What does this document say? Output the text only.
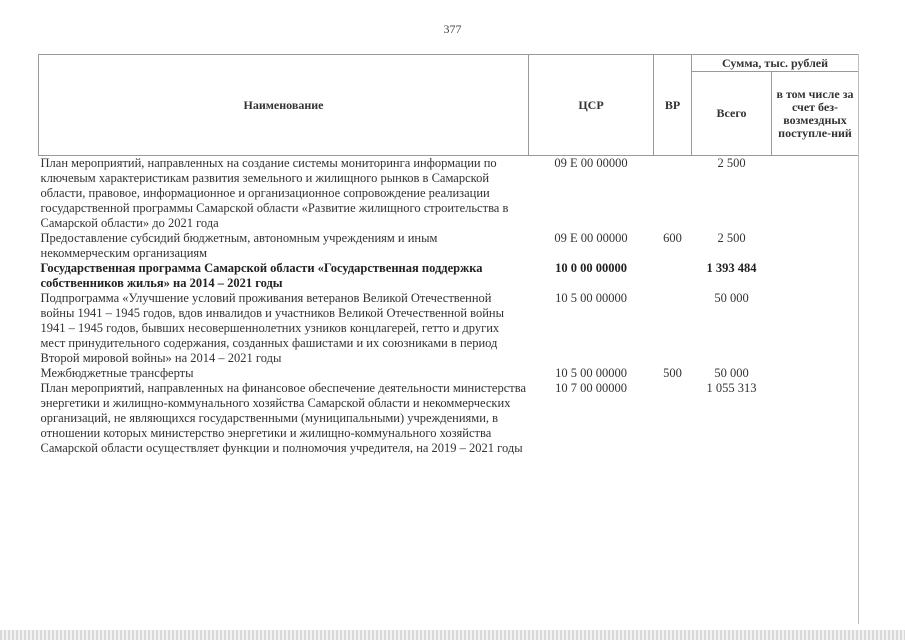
377
Наименование	ЦСР	ВР	Сумма, тыс. рублей	
			Всего	в том числе за счет без-возмездных поступле-ний
План мероприятий, направленных на создание системы мониторинга информации по ключевым характеристикам развития земельного и жилищного рынков в Самарской области, правовое, информационное и организационное сопровождение реализации государственной программы Самарской области «Развитие жилищного строительства в Самарской области» до 2021 года	09 Е 00 00000		2 500	
Предоставление субсидий бюджетным, автономным учреждениям и иным некоммерческим организациям	09 Е 00 00000	600	2 500	
Государственная программа Самарской области «Государственная поддержка собственников жилья» на 2014 – 2021 годы	10 0 00 00000		1 393 484	
Подпрограмма «Улучшение условий проживания ветеранов Великой Отечественной войны 1941 – 1945 годов, вдов инвалидов и участников Великой Отечественной войны 1941 – 1945 годов, бывших несовершеннолетних узников концлагерей, гетто и других мест принудительного содержания, созданных фашистами и их союзниками в период Второй мировой войны» на 2014 – 2021 годы	10 5 00 00000		50 000	
Межбюджетные трансферты	10 5 00 00000	500	50 000	
План мероприятий, направленных на финансовое обеспечение деятельности министерства энергетики и жилищно-коммунального хозяйства Самарской области и некоммерческих организаций, не являющихся государственными (муниципальными) учреждениями, в отношении которых министерство энергетики и жилищно-коммунального хозяйства Самарской области осуществляет функции и полномочия учредителя, на 2019 – 2021 годы	10 7 00 00000		1 055 313	
